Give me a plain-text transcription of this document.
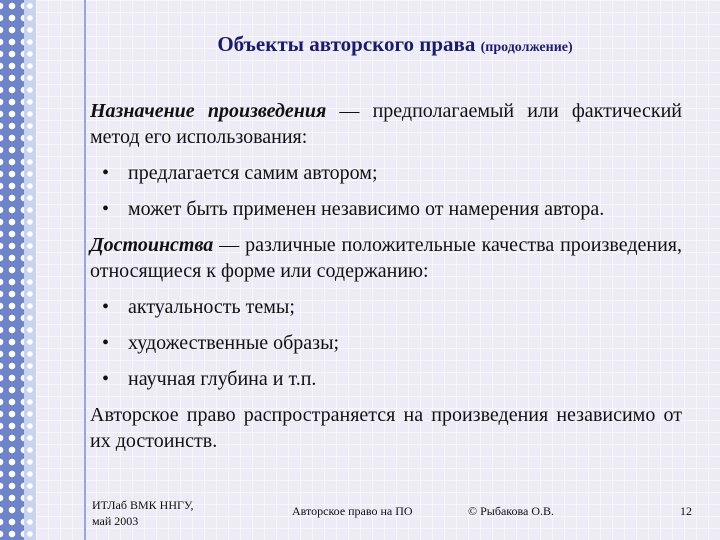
Объекты авторского права (продолжение)
Назначение произведения — предполагаемый или фактический метод его использования:
• предлагается самим автором;
• может быть применен независимо от намерения автора.
Достоинства — различные положительные качества произведения, относящиеся к форме или содержанию:
• актуальность темы;
• художественные образы;
• научная глубина и т.п.
Авторское право распространяется на произведения независимо от их достоинств.
ИТЛаб ВМК ННГУ,
май 2003
Авторское право на ПО	© Рыбакова О.В.	12
